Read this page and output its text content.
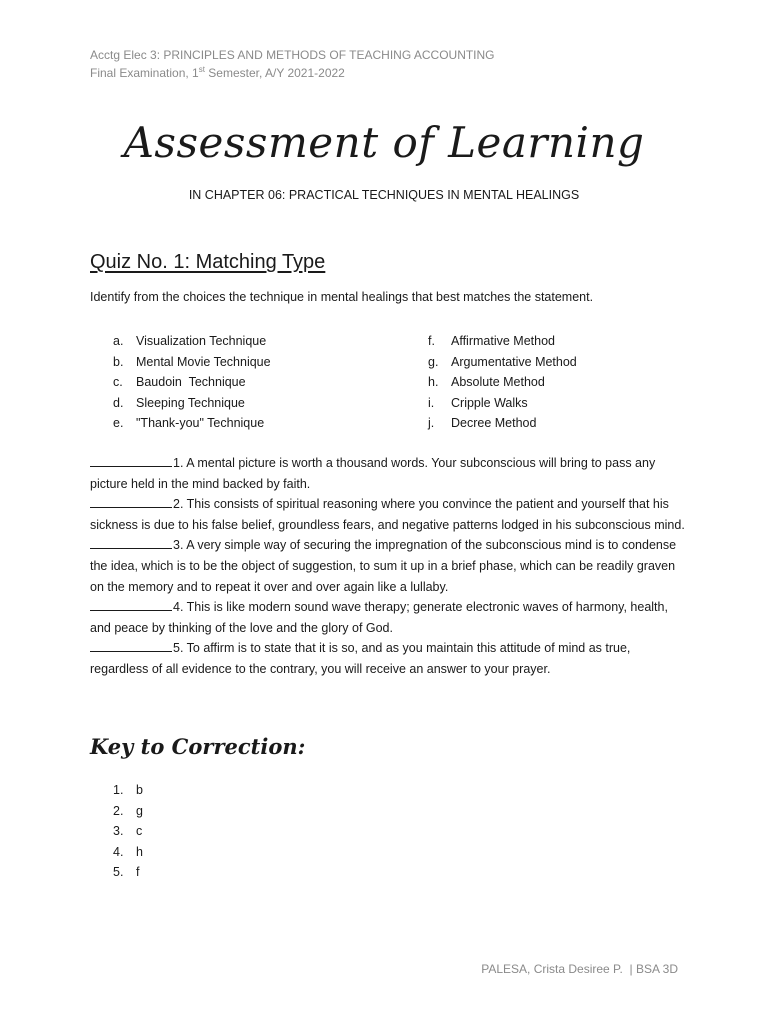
Acctg Elec 3: PRINCIPLES AND METHODS OF TEACHING ACCOUNTING
Final Examination, 1st Semester, A/Y 2021-2022
Assessment of Learning
IN CHAPTER 06: PRACTICAL TECHNIQUES IN MENTAL HEALINGS
Quiz No. 1: Matching Type
Identify from the choices the technique in mental healings that best matches the statement.
a.	Visualization Technique
b.	Mental Movie Technique
c.	Baudoin  Technique
d.	Sleeping Technique
e.	"Thank-you" Technique
f.	Affirmative Method
g.	Argumentative Method
h.	Absolute Method
i.	Cripple Walks
j.	Decree Method

1. A mental picture is worth a thousand words. Your subconscious will bring to pass any picture held in the mind backed by faith.

2. This consists of spiritual reasoning where you convince the patient and yourself that his sickness is due to his false belief, groundless fears, and negative patterns lodged in his subconscious mind.

3. A very simple way of securing the impregnation of the subconscious mind is to condense the idea, which is to be the object of suggestion, to sum it up in a brief phase, which can be readily graven on the memory and to repeat it over and over again like a lullaby.

4. This is like modern sound wave therapy; generate electronic waves of harmony, health, and peace by thinking of the love and the glory of God.

5. To affirm is to state that it is so, and as you maintain this attitude of mind as true, regardless of all evidence to the contrary, you will receive an answer to your prayer.

Key to Correction:
1.	b
2.	g
3.	c
4.	h
5.	f
PALESA, Crista Desiree P.  | BSA 3D
